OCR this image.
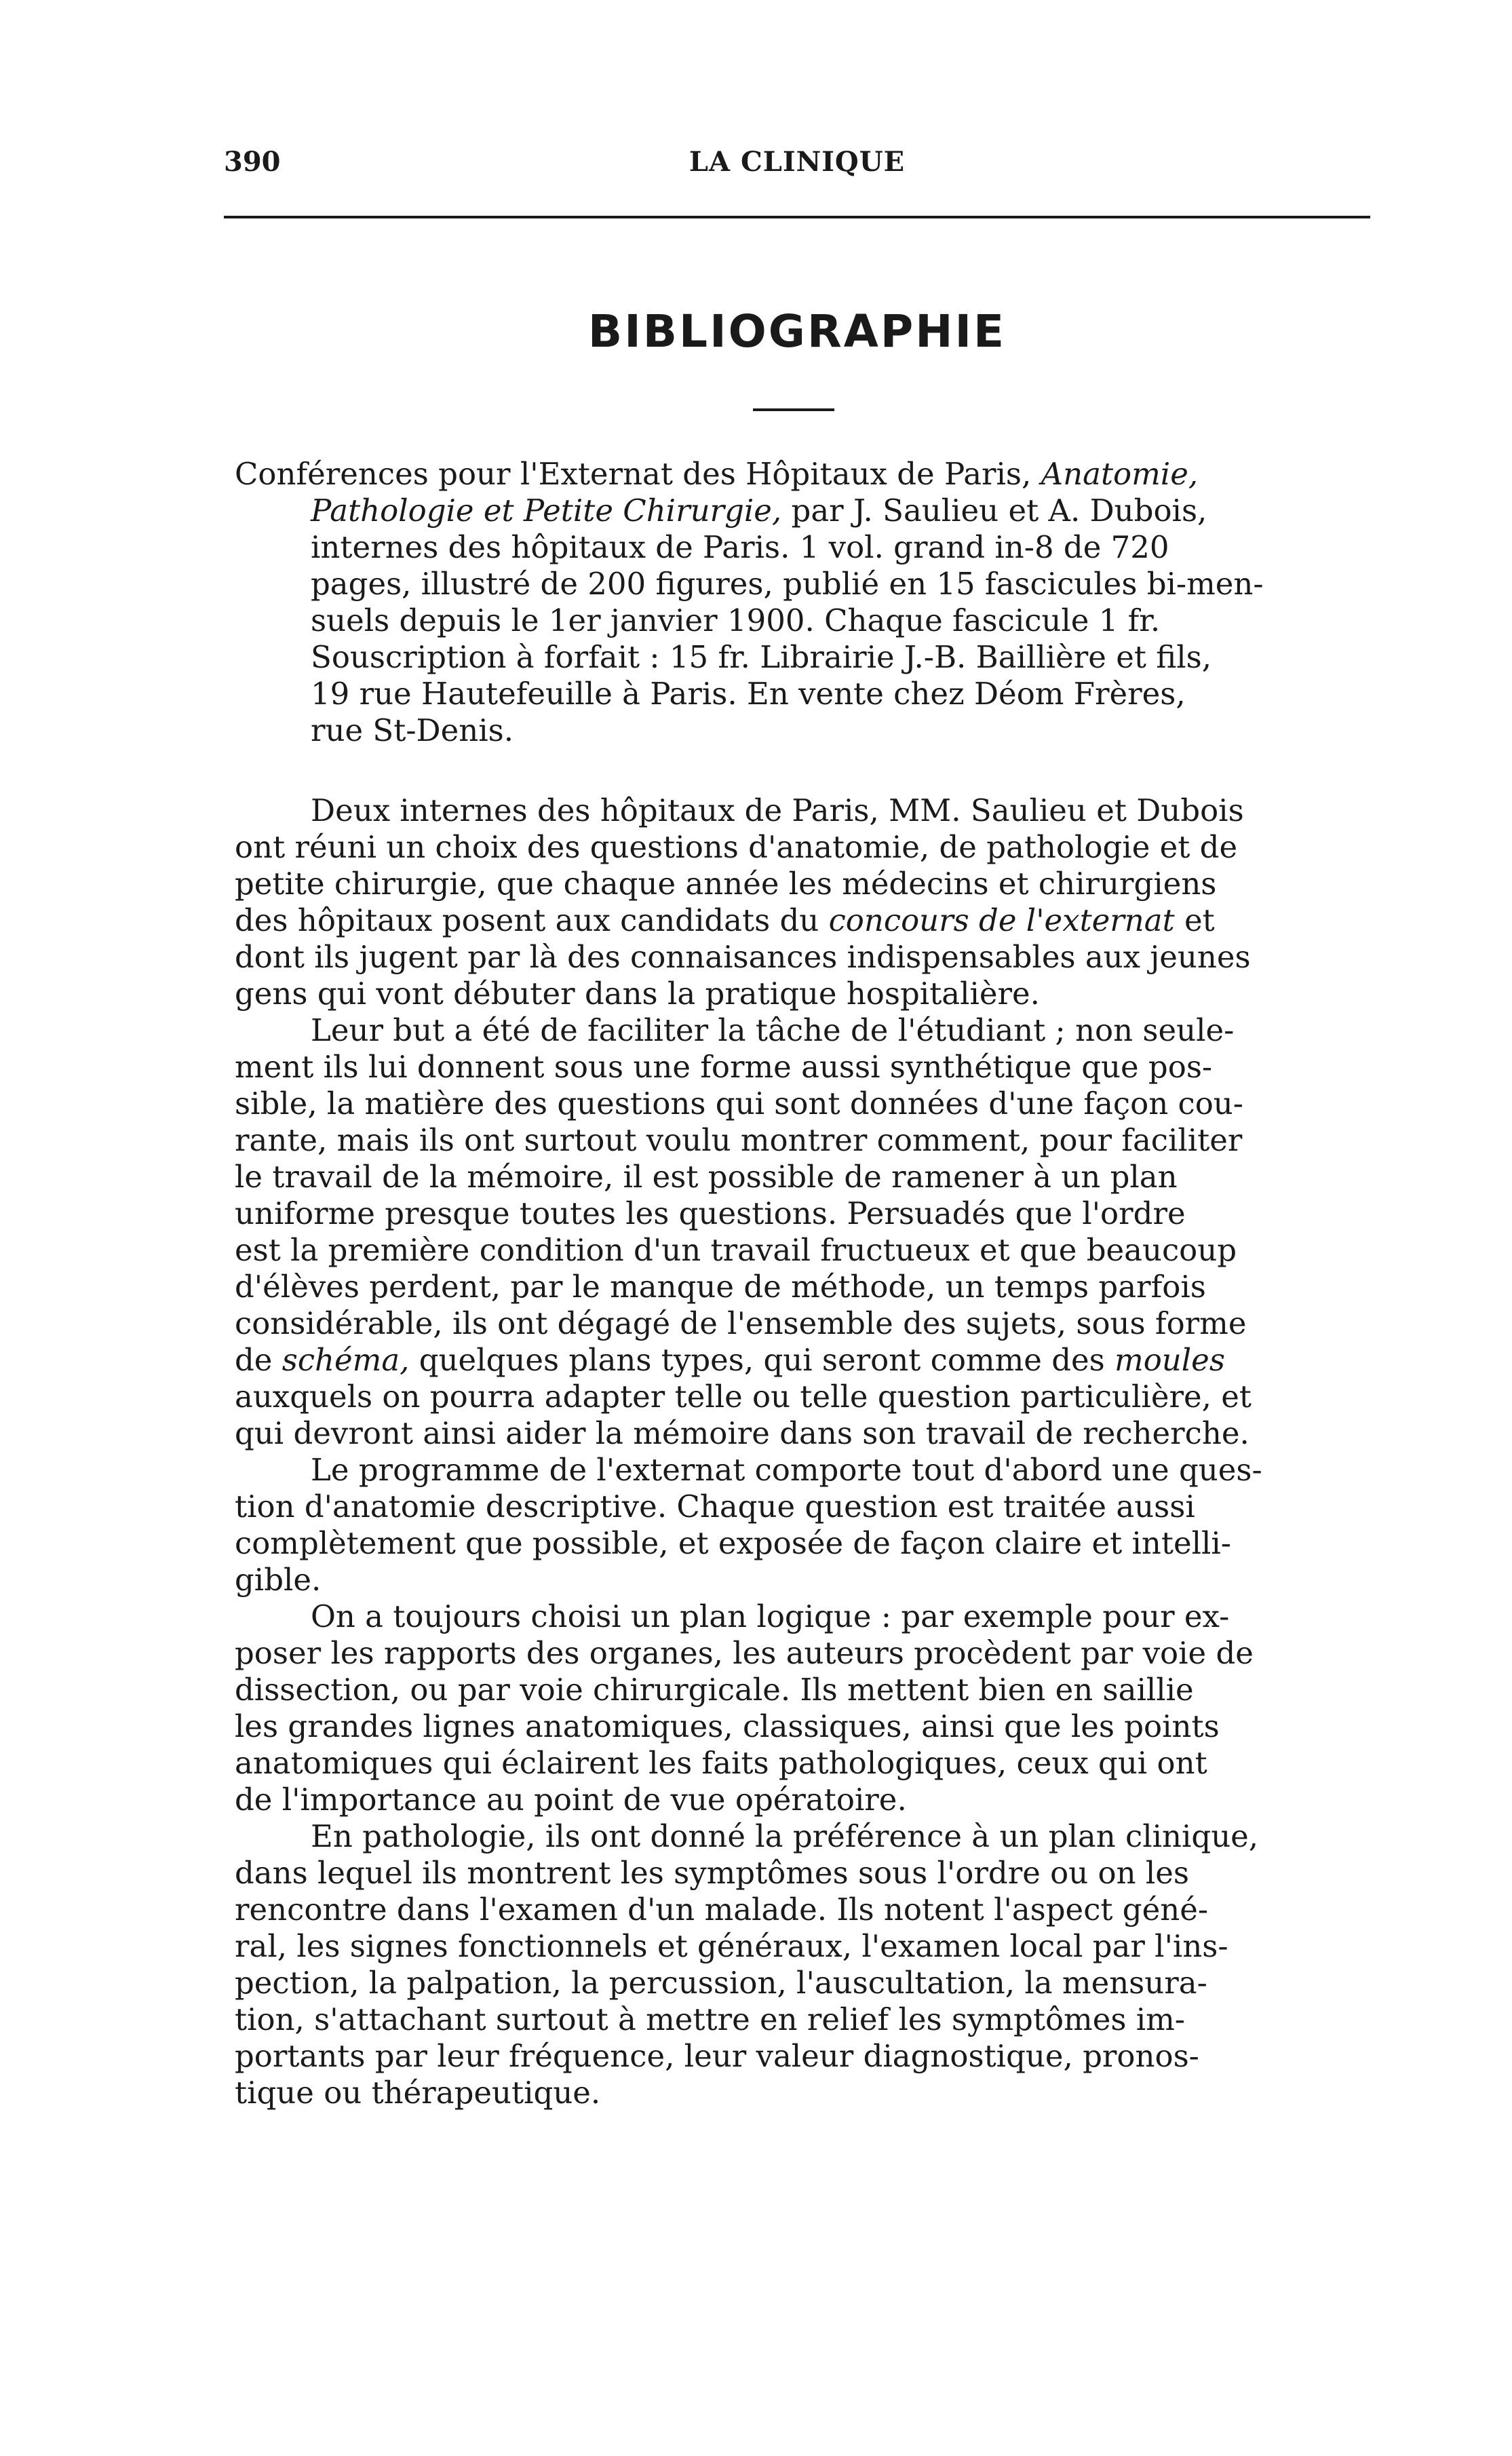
390	LA CLINIQUE
BIBLIOGRAPHIE
Conférences pour l'Externat des Hôpitaux de Paris, Anatomie,
Pathologie et Petite Chirurgie, par J. Saulieu et A. Dubois,
internes des hôpitaux de Paris. 1 vol. grand in-8 de 720
pages, illustré de 200 figures, publié en 15 fascicules bi-men-
suels depuis le 1er janvier 1900. Chaque fascicule 1 fr.
Souscription à forfait : 15 fr. Librairie J.-B. Baillière et fils,
19 rue Hautefeuille à Paris. En vente chez Déom Frères,
rue St-Denis.
Deux internes des hôpitaux de Paris, MM. Saulieu et Dubois
ont réuni un choix des questions d'anatomie, de pathologie et de
petite chirurgie, que chaque année les médecins et chirurgiens
des hôpitaux posent aux candidats du concours de l'externat et
dont ils jugent par là des connaisances indispensables aux jeunes
gens qui vont débuter dans la pratique hospitalière.
Leur but a été de faciliter la tâche de l'étudiant ; non seule-
ment ils lui donnent sous une forme aussi synthétique que pos-
sible, la matière des questions qui sont données d'une façon cou-
rante, mais ils ont surtout voulu montrer comment, pour faciliter
le travail de la mémoire, il est possible de ramener à un plan
uniforme presque toutes les questions. Persuadés que l'ordre
est la première condition d'un travail fructueux et que beaucoup
d'élèves perdent, par le manque de méthode, un temps parfois
considérable, ils ont dégagé de l'ensemble des sujets, sous forme
de schéma, quelques plans types, qui seront comme des moules
auxquels on pourra adapter telle ou telle question particulière, et
qui devront ainsi aider la mémoire dans son travail de recherche.
Le programme de l'externat comporte tout d'abord une ques-
tion d'anatomie descriptive. Chaque question est traitée aussi
complètement que possible, et exposée de façon claire et intelli-
gible.
On a toujours choisi un plan logique : par exemple pour ex-
poser les rapports des organes, les auteurs procèdent par voie de
dissection, ou par voie chirurgicale. Ils mettent bien en saillie
les grandes lignes anatomiques, classiques, ainsi que les points
anatomiques qui éclairent les faits pathologiques, ceux qui ont
de l'importance au point de vue opératoire.
En pathologie, ils ont donné la préférence à un plan clinique,
dans lequel ils montrent les symptômes sous l'ordre ou on les
rencontre dans l'examen d'un malade. Ils notent l'aspect géné-
ral, les signes fonctionnels et généraux, l'examen local par l'ins-
pection, la palpation, la percussion, l'auscultation, la mensura-
tion, s'attachant surtout à mettre en relief les symptômes im-
portants par leur fréquence, leur valeur diagnostique, pronos-
tique ou thérapeutique.
